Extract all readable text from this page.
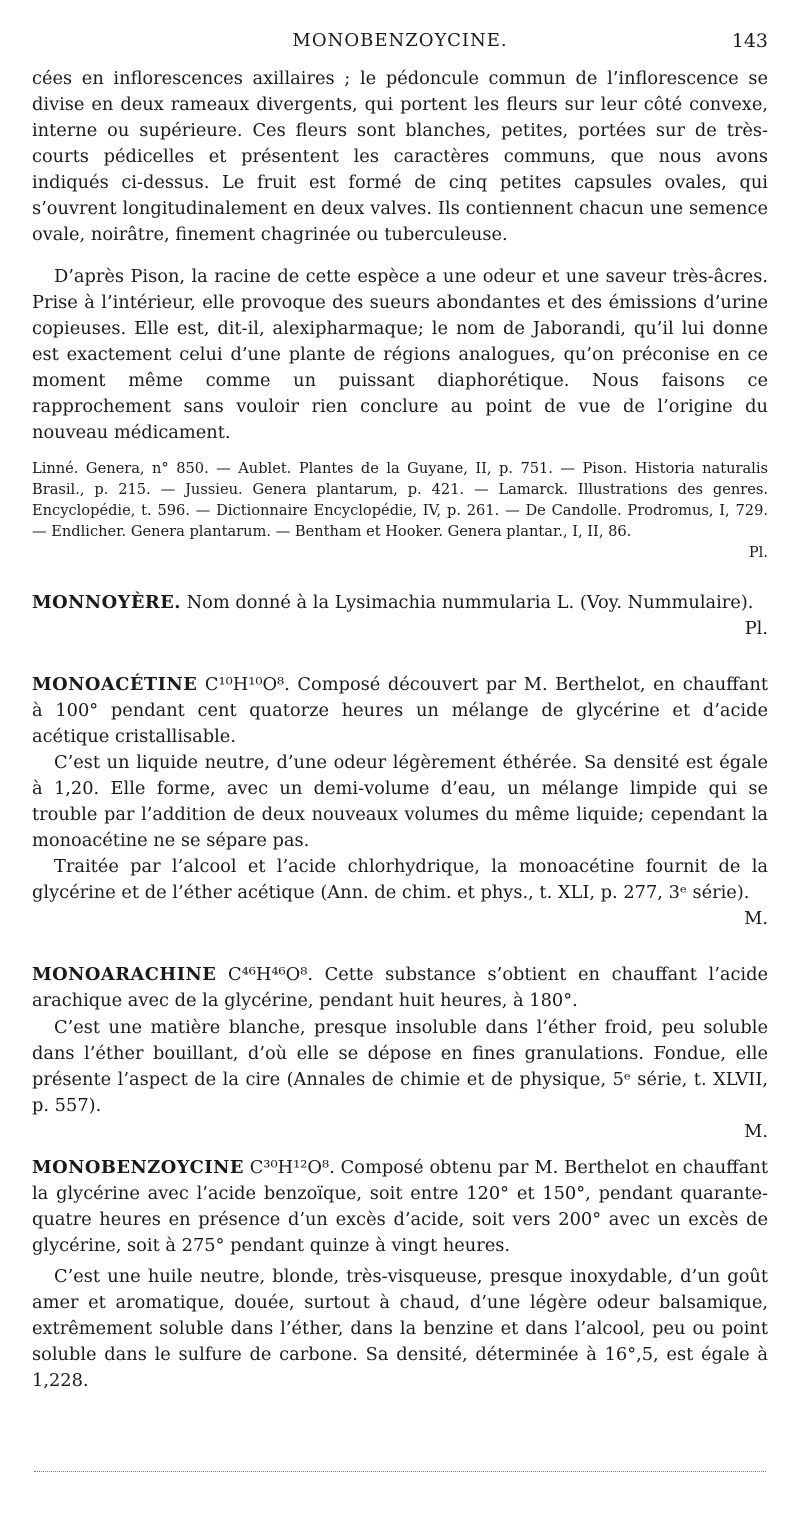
MONOBENZOYCINE.	143

cées en inflorescences axillaires ; le pédoncule commun de l’inflorescence se divise en deux rameaux divergents, qui portent les fleurs sur leur côté convexe, interne ou supérieure. Ces fleurs sont blanches, petites, portées sur de très-courts pédicelles et présentent les caractères communs, que nous avons indiqués ci-dessus. Le fruit est formé de cinq petites capsules ovales, qui s’ouvrent longitudinalement en deux valves. Ils contiennent chacun une semence ovale, noirâtre, finement chagrinée ou tuberculeuse.

D’après Pison, la racine de cette espèce a une odeur et une saveur très-âcres. Prise à l’intérieur, elle provoque des sueurs abondantes et des émissions d’urine copieuses. Elle est, dit-il, alexipharmaque; le nom de Jaborandi, qu’il lui donne est exactement celui d’une plante de régions analogues, qu’on préconise en ce moment même comme un puissant diaphorétique. Nous faisons ce rapprochement sans vouloir rien conclure au point de vue de l’origine du nouveau médicament.

Linné. Genera, n° 850. — Aublet. Plantes de la Guyane, II, p. 751. — Pison. Historia naturalis Brasil., p. 215. — Jussieu. Genera plantarum, p. 421. — Lamarck. Illustrations des genres. Encyclopédie, t. 596. — Dictionnaire Encyclopédie, IV, p. 261. — De Candolle. Prodromus, I, 729. — Endlicher. Genera plantarum. — Bentham et Hooker. Genera plantar., I, II, 86.

Pl.

MONNOYÈRE. Nom donné à la Lysimachia nummularia L. (Voy. Nummulaire).

Pl.

MONOACÉTINE C¹⁰H¹⁰O⁸. Composé découvert par M. Berthelot, en chauffant à 100° pendant cent quatorze heures un mélange de glycérine et d’acide acétique cristallisable.

C’est un liquide neutre, d’une odeur légèrement éthérée. Sa densité est égale à 1,20. Elle forme, avec un demi-volume d’eau, un mélange limpide qui se trouble par l’addition de deux nouveaux volumes du même liquide; cependant la monoacétine ne se sépare pas.

Traitée par l’alcool et l’acide chlorhydrique, la monoacétine fournit de la glycérine et de l’éther acétique (Ann. de chim. et phys., t. XLI, p. 277, 3ᵉ série).

M.

MONOARACHINE C⁴⁶H⁴⁶O⁸. Cette substance s’obtient en chauffant l’acide arachique avec de la glycérine, pendant huit heures, à 180°.

C’est une matière blanche, presque insoluble dans l’éther froid, peu soluble dans l’éther bouillant, d’où elle se dépose en fines granulations. Fondue, elle présente l’aspect de la cire (Annales de chimie et de physique, 5ᵉ série, t. XLVII, p. 557).

M.

MONOBENZOYCINE C³⁰H¹²O⁸. Composé obtenu par M. Berthelot en chauffant la glycérine avec l’acide benzoïque, soit entre 120° et 150°, pendant quarante-quatre heures en présence d’un excès d’acide, soit vers 200° avec un excès de glycérine, soit à 275° pendant quinze à vingt heures.

C’est une huile neutre, blonde, très-visqueuse, presque inoxydable, d’un goût amer et aromatique, douée, surtout à chaud, d’une légère odeur balsamique, extrêmement soluble dans l’éther, dans la benzine et dans l’alcool, peu ou point soluble dans le sulfure de carbone. Sa densité, déterminée à 16°,5, est égale à 1,228.
